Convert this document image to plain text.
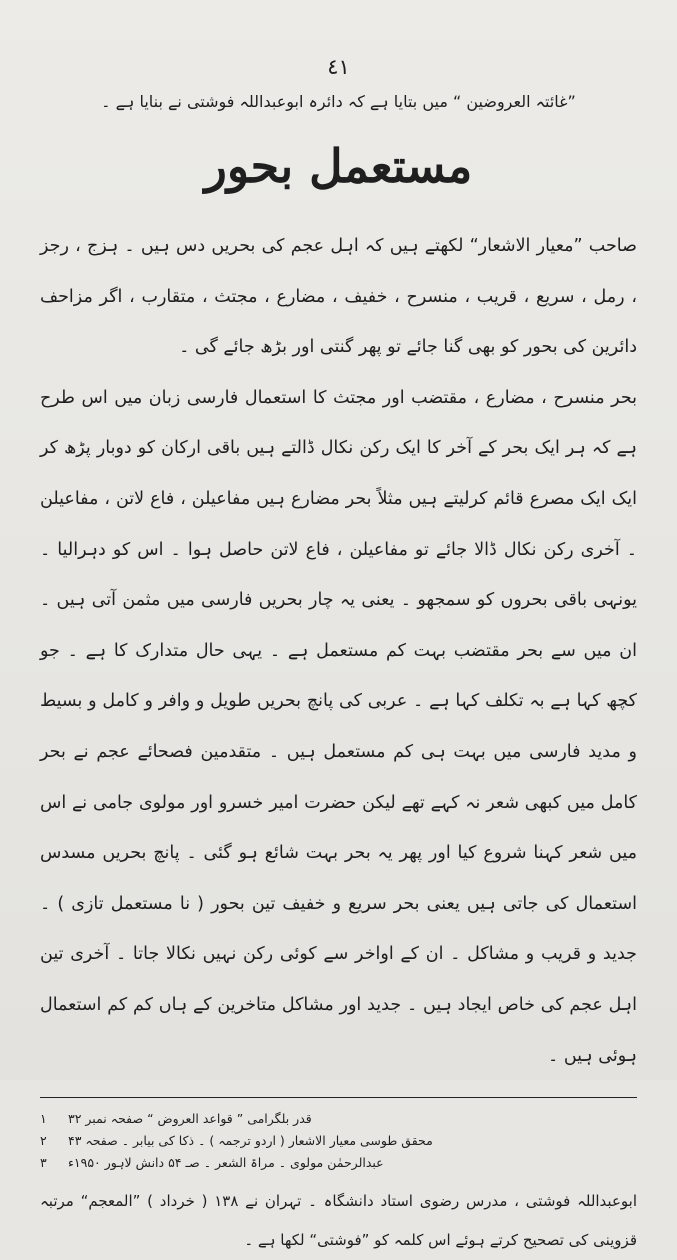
٤١

”غائتہ العروضین “ میں بتایا ہے کہ دائرہ ابوعبداللہ فوشتی نے بنایا ہے ۔

مستعمل بحور

صاحب ”معیار الاشعار“ لکھتے ہیں کہ اہل عجم کی بحریں دس ہیں ۔ ہزج ، رجز ، رمل ، سریع ، قریب ، منسرح ، خفیف ، مضارع ، مجتث ، متقارب ، اگر مزاحف دائرین کی بحور کو بھی گنا جائے تو پھر گنتی اور بڑھ جائے گی ۔

بحر منسرح ، مضارع ، مقتضب اور مجتث کا استعمال فارسی زبان میں اس طرح ہے کہ ہر ایک بحر کے آخر کا ایک رکن نکال ڈالتے ہیں باقی ارکان کو دوبار پڑھ کر ایک ایک مصرع قائم کرلیتے ہیں مثلاً بحر مضارع ہیں مفاعیلن ، فاع لاتن ، مفاعیلن ۔ آخری رکن نکال ڈالا جائے تو مفاعیلن ، فاع لاتن حاصل ہوا ۔ اس کو دہرالیا ۔ یونہی باقی بحروں کو سمجھو ۔ یعنی یہ چار بحریں فارسی میں مثمن آتی ہیں ۔ ان میں سے بحر مقتضب بہت کم مستعمل ہے ۔ یہی حال متدارک کا ہے ۔ جو کچھ کہا ہے بہ تکلف کہا ہے ۔ عربی کی پانچ بحریں طویل و وافر و کامل و بسیط و مدید فارسی میں بہت ہی کم مستعمل ہیں ۔ متقدمین فصحائے عجم نے بحر کامل میں کبھی شعر نہ کہے تھے لیکن حضرت امیر خسرو اور مولوی جامی نے اس میں شعر کہنا شروع کیا اور پھر یہ بحر بہت شائع ہو گئی ۔ پانچ بحریں مسدس استعمال کی جاتی ہیں یعنی بحر سریع و خفیف تین بحور ( نا مستعمل تازی ) ۔ جدید و قریب و مشاکل ۔ ان کے اواخر سے کوئی رکن نہیں نکالا جاتا ۔ آخری تین اہل عجم کی خاص ایجاد ہیں ۔ جدید اور مشاکل متاخرین کے ہاں کم کم استعمال ہوئی ہیں ۔

۱	قدر بلگرامی ” قواعد العروض “ صفحہ نمبر ۳۲
۲	محقق طوسی معیار الاشعار ( اردو ترجمہ ) ۔ ذکا کی بیابر ۔ صفحہ ۴۳
۳	عبدالرحمٰن مولوی ۔ مراۃ الشعر ۔ صـ ۵۴ دانش لاہور ۱۹۵۰ء

ابوعبداللہ فوشتی ، مدرس رضوی استاد دانشگاہ ۔ تہران نے ۱۳۸ ( خرداد ) ”المعجم“ مرتبہ قزوینی کی تصحیح کرتے ہوئے اس کلمہ کو ”فوشتی“ لکھا ہے ۔
